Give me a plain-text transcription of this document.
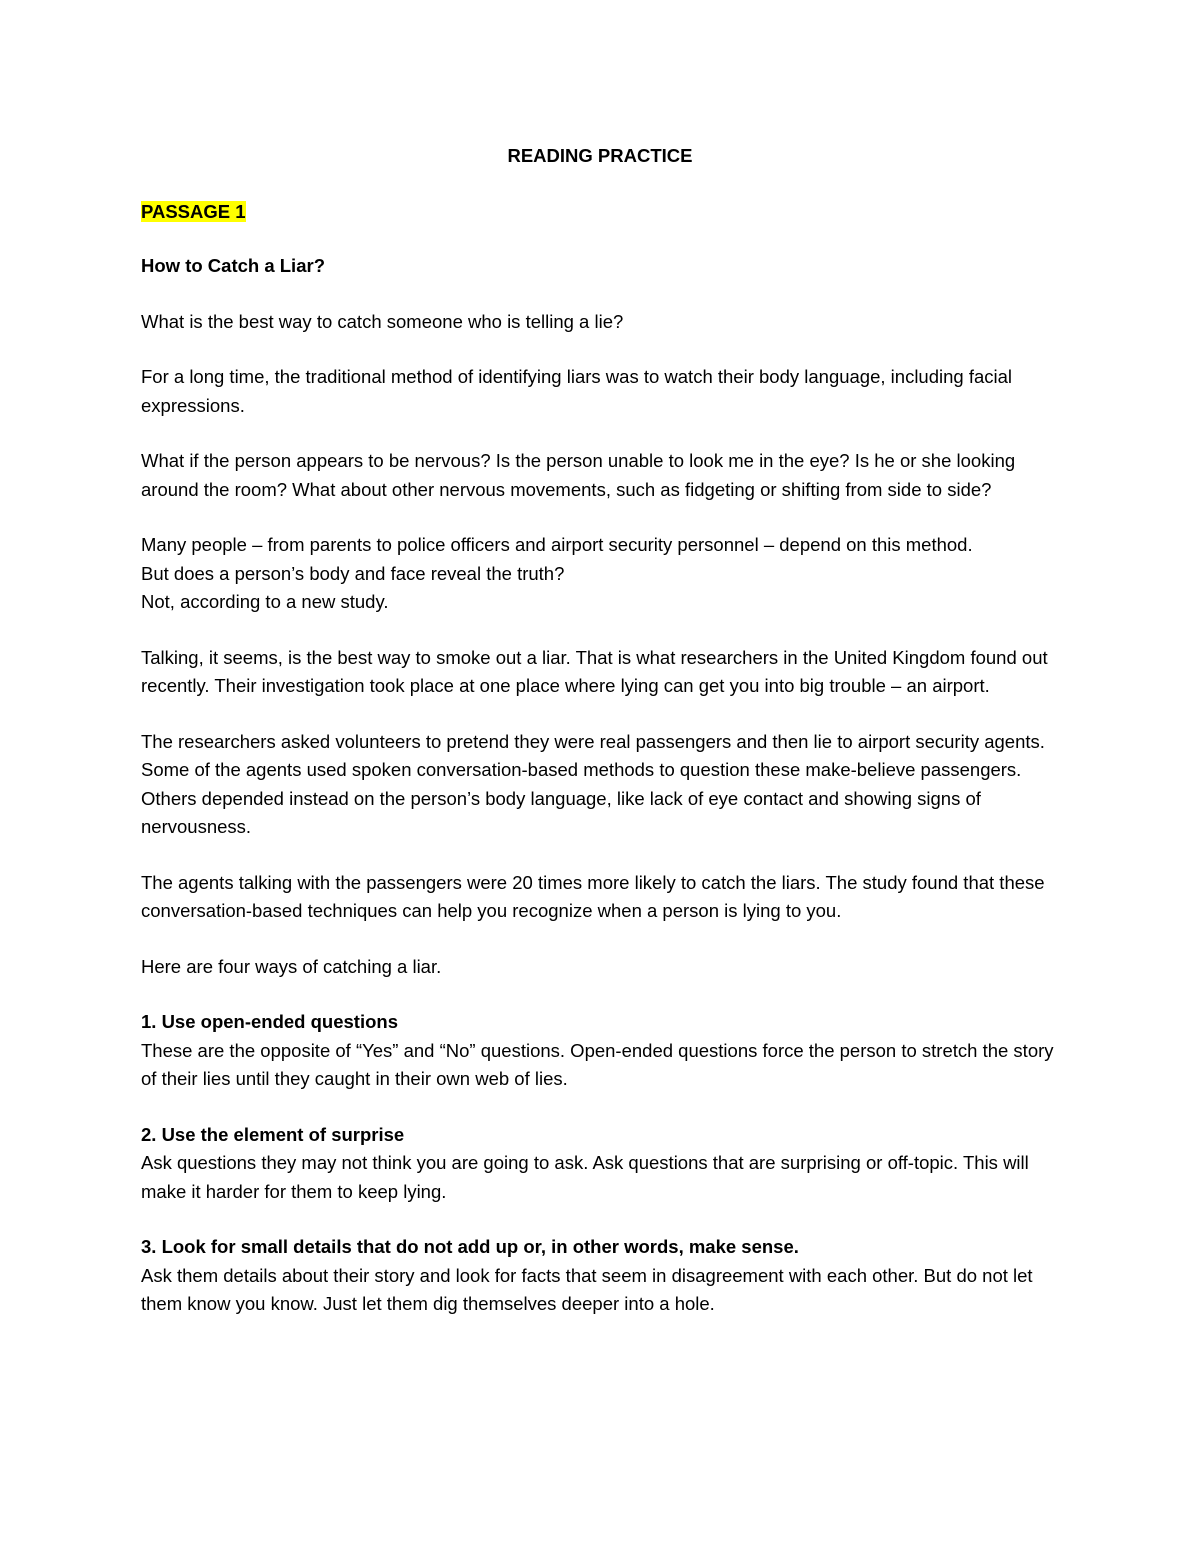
READING PRACTICE
PASSAGE 1
How to Catch a Liar?

What is the best way to catch someone who is telling a lie?

For a long time, the traditional method of identifying liars was to watch their body language, including facial expressions.

What if the person appears to be nervous? Is the person unable to look me in the eye? Is he or she looking around the room? What about other nervous movements, such as fidgeting or shifting from side to side?

Many people – from parents to police officers and airport security personnel – depend on this method.

But does a person’s body and face reveal the truth?

Not, according to a new study.

Talking, it seems, is the best way to smoke out a liar. That is what researchers in the United Kingdom found out recently. Their investigation took place at one place where lying can get you into big trouble – an airport.

The researchers asked volunteers to pretend they were real passengers and then lie to airport security agents. Some of the agents used spoken conversation-based methods to question these make-believe passengers. Others depended instead on the person’s body language, like lack of eye contact and showing signs of nervousness.

The agents talking with the passengers were 20 times more likely to catch the liars. The study found that these conversation-based techniques can help you recognize when a person is lying to you.

Here are four ways of catching a liar.

1. Use open-ended questions
These are the opposite of “Yes” and “No” questions. Open-ended questions force the person to stretch the story of their lies until they caught in their own web of lies.
2. Use the element of surprise
Ask questions they may not think you are going to ask. Ask questions that are surprising or off-topic. This will make it harder for them to keep lying.
3. Look for small details that do not add up or, in other words, make sense.
Ask them details about their story and look for facts that seem in disagreement with each other. But do not let them know you know. Just let them dig themselves deeper into a hole.
